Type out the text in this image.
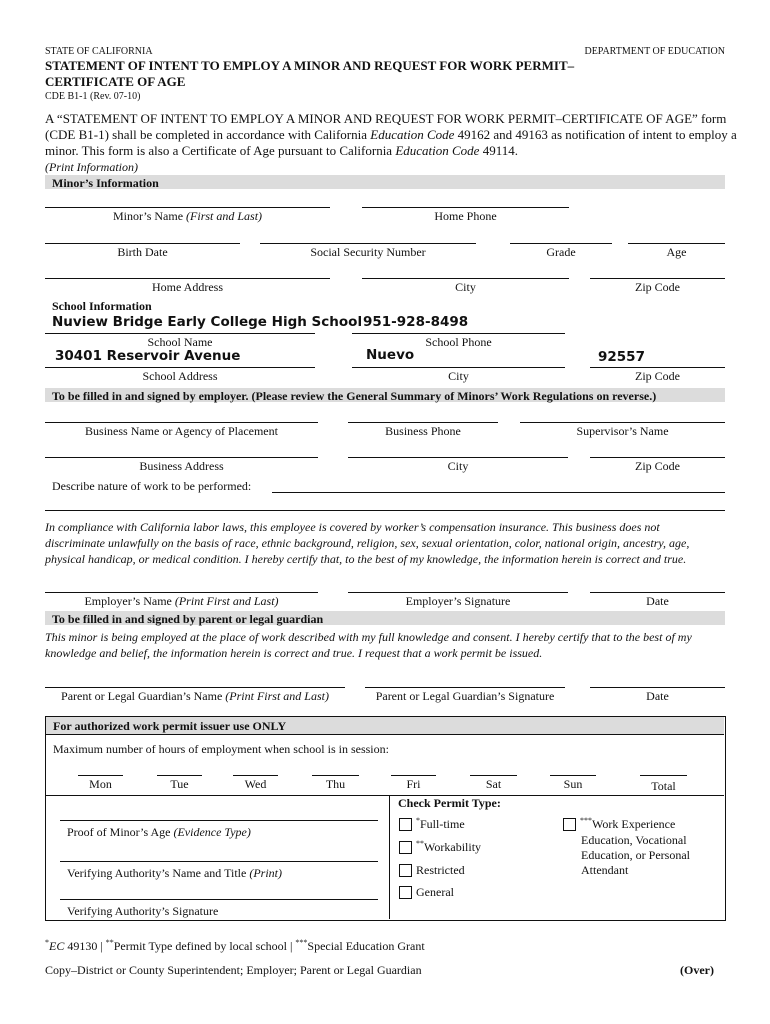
STATE OF CALIFORNIA	DEPARTMENT OF EDUCATION
STATEMENT OF INTENT TO EMPLOY A MINOR AND REQUEST FOR WORK PERMIT–
CERTIFICATE OF AGE
CDE B1-1 (Rev. 07-10)
A “STATEMENT OF INTENT TO EMPLOY A MINOR AND REQUEST FOR WORK PERMIT–CERTIFICATE OF AGE” form
(CDE B1-1) shall be completed in accordance with California Education Code 49162 and 49163 as notification of intent to employ a
minor. This form is also a Certificate of Age pursuant to California Education Code 49114.
(Print Information)
Minor’s Information
Minor’s Name (First and Last)	Home Phone
Birth Date	Social Security Number	Grade	Age
Home Address	City	Zip Code
School Information
Nuview Bridge Early College High School 951-928-8498
School Name	School Phone
30401 Reservoir Avenue	Nuevo	92557
School Address	City	Zip Code
To be filled in and signed by employer. (Please review the General Summary of Minors’ Work Regulations on reverse.)
Business Name or Agency of Placement	Business Phone	Supervisor’s Name
Business Address	City	Zip Code
Describe nature of work to be performed:
In compliance with California labor laws, this employee is covered by worker’s compensation insurance. This business does not
discriminate unlawfully on the basis of race, ethnic background, religion, sex, sexual orientation, color, national origin, ancestry, age,
physical handicap, or medical condition. I hereby certify that, to the best of my knowledge, the information herein is correct and true.
Employer’s Name (Print First and Last)	Employer’s Signature	Date
To be filled in and signed by parent or legal guardian
This minor is being employed at the place of work described with my full knowledge and consent. I hereby certify that to the best of my
knowledge and belief, the information herein is correct and true. I request that a work permit be issued.
Parent or Legal Guardian’s Name (Print First and Last)	Parent or Legal Guardian’s Signature	Date
For authorized work permit issuer use ONLY
Maximum number of hours of employment when school is in session:
Mon	Tue	Wed	Thu	Fri	Sat	Sun	Total
Proof of Minor’s Age (Evidence Type)
Verifying Authority’s Name and Title (Print)
Verifying Authority’s Signature
Check Permit Type:
*Full-time
**Workability
Restricted
General
***Work Experience
Education, Vocational
Education, or Personal
Attendant
*EC 49130 | **Permit Type defined by local school | ***Special Education Grant
Copy–District or County Superintendent; Employer; Parent or Legal Guardian	(Over)
